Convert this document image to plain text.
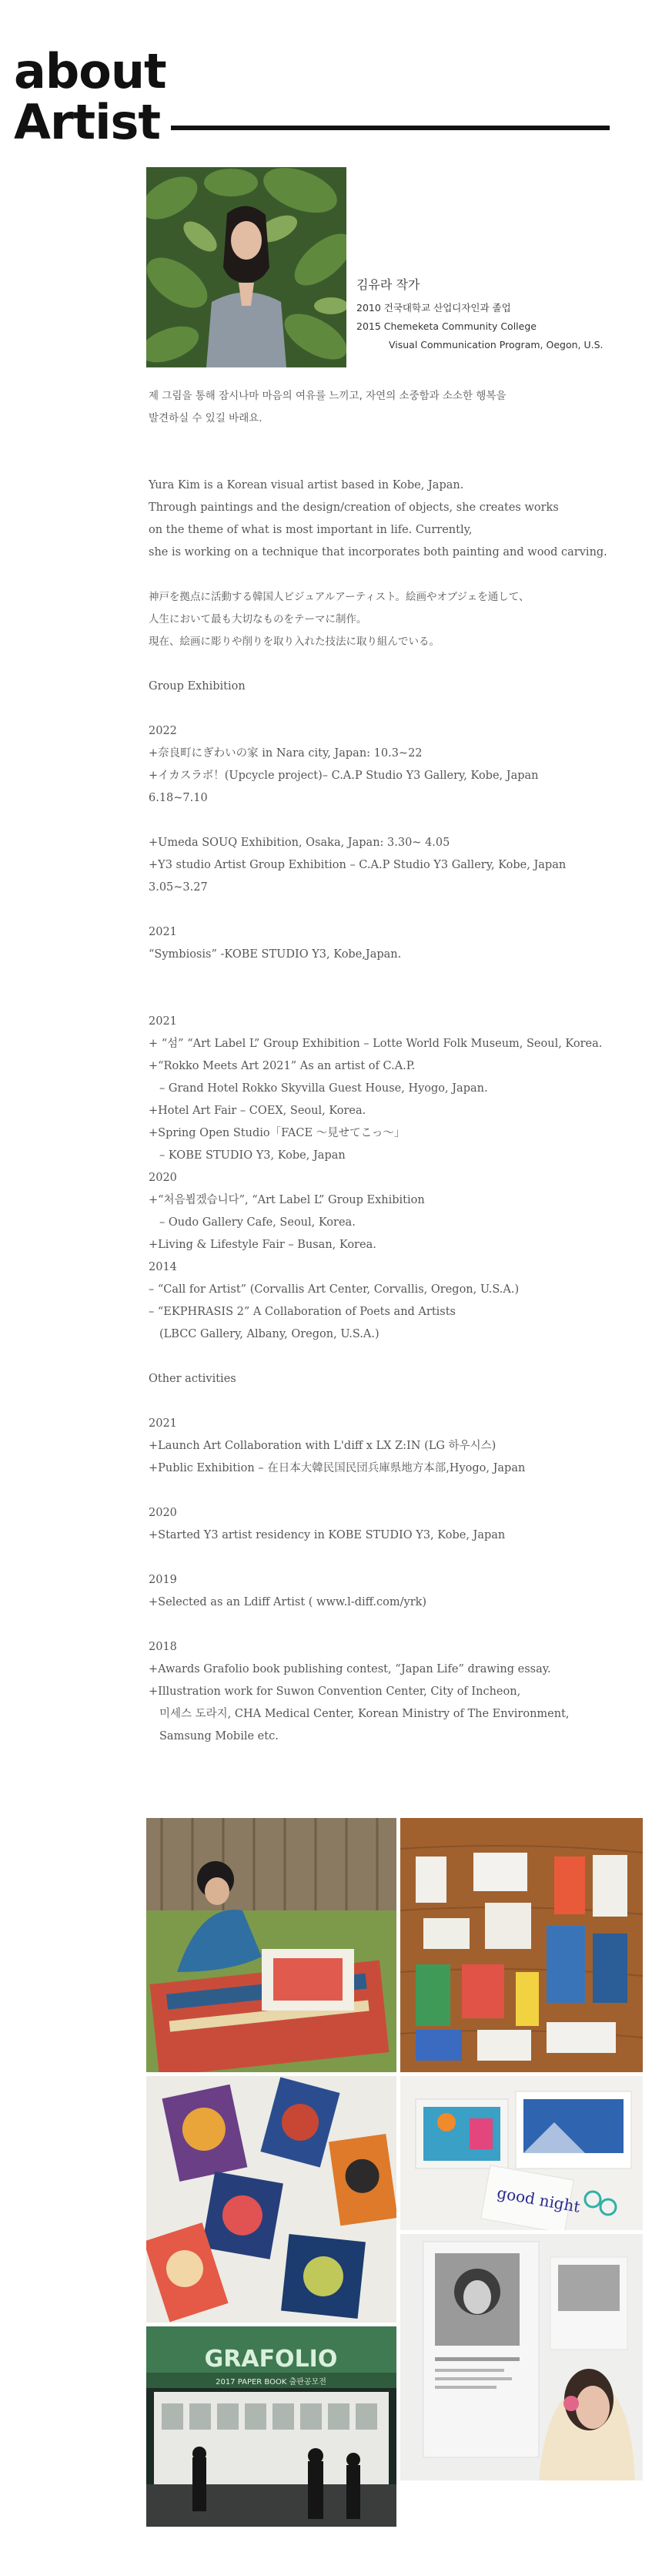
about
Artist
김유라 작가
2010 건국대학교 산업디자인과 졸업
2015 Chemeketa Community College
Visual Communication Program, Oegon, U.S.

제 그림을 통해 잠시나마 마음의 여유를 느끼고, 자연의 소중함과 소소한 행복을

발견하실 수 있길 바래요.

Yura Kim is a Korean visual artist based in Kobe, Japan.

Through paintings and the design/creation of objects, she creates works

on the theme of what is most important in life. Currently,

she is working on a technique that incorporates both painting and wood carving.

神戸を拠点に活動する韓国人ビジュアルアーティスト。絵画やオブジェを通して、

人生において最も大切なものをテーマに制作。

現在、絵画に彫りや削りを取り入れた技法に取り組んでいる。

Group Exhibition

2022

+奈良町にぎわいの家 in Nara city, Japan: 10.3~22

+イカスラボ！(Upcycle project)– C.A.P Studio Y3 Gallery, Kobe, Japan

6.18~7.10

+Umeda SOUQ Exhibition, Osaka, Japan: 3.30~ 4.05

+Y3 studio Artist Group Exhibition – C.A.P Studio Y3 Gallery, Kobe, Japan

3.05~3.27

2021

“Symbiosis” -KOBE STUDIO Y3, Kobe,Japan.

2021

+ “섬” “Art Label L” Group Exhibition – Lotte World Folk Museum, Seoul, Korea.

+“Rokko Meets Art 2021” As an artist of C.A.P.

– Grand Hotel Rokko Skyvilla Guest House, Hyogo, Japan.

+Hotel Art Fair – COEX, Seoul, Korea.

+Spring Open Studio「FACE ～見せてこっ～」

– KOBE STUDIO Y3, Kobe, Japan

2020

+“처음뵙겠습니다”, “Art Label L” Group Exhibition

– Oudo Gallery Cafe, Seoul, Korea.

+Living & Lifestyle Fair – Busan, Korea.

2014

– “Call for Artist” (Corvallis Art Center, Corvallis, Oregon, U.S.A.)

– “EKPHRASIS 2” A Collaboration of Poets and Artists

(LBCC Gallery, Albany, Oregon, U.S.A.)

Other activities

2021

+Launch Art Collaboration with L'diff x LX Z:IN (LG 하우시스)

+Public Exhibition – 在日本大韓民国民団兵庫県地方本部,Hyogo, Japan

2020

+Started Y3 artist residency in KOBE STUDIO Y3, Kobe, Japan

2019

+Selected as an Ldiff Artist ( www.l-diff.com/yrk)

2018

+Awards Grafolio book publishing contest, “Japan Life” drawing essay.

+Illustration work for Suwon Convention Center, City of Incheon,

미세스 도라지, CHA Medical Center, Korean Ministry of The Environment,

Samsung Mobile etc.

good night
GRAFOLIO
2017 PAPER BOOK 출판공모전
